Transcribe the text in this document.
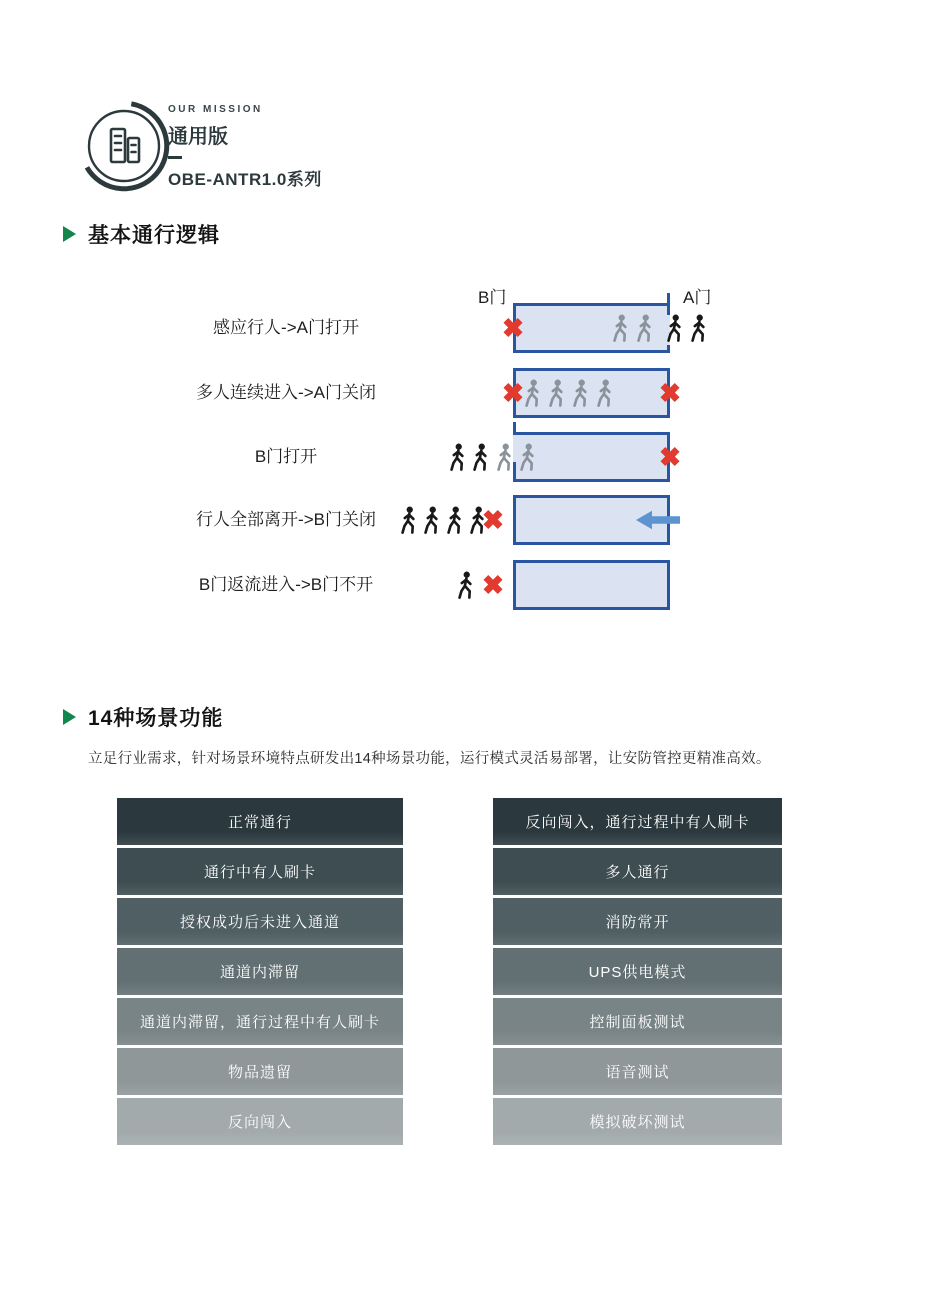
OUR MISSION
通用版
OBE-ANTR1.0系列
基本通行逻辑
B门	A门
感应行人->A门打开	✖
多人连续进入->A门关闭	✖	✖
B门打开	✖
行人全部离开->B门关闭	✖
B门返流进入->B门不开	✖
14种场景功能
立足行业需求，针对场景环境特点研发出14种场景功能，运行模式灵活易部署，让安防管控更精准高效。
正常通行
通行中有人刷卡
授权成功后未进入通道
通道内滞留
通道内滞留，通行过程中有人刷卡
物品遗留
反向闯入
反向闯入，通行过程中有人刷卡
多人通行
消防常开
UPS供电模式
控制面板测试
语音测试
模拟破坏测试
